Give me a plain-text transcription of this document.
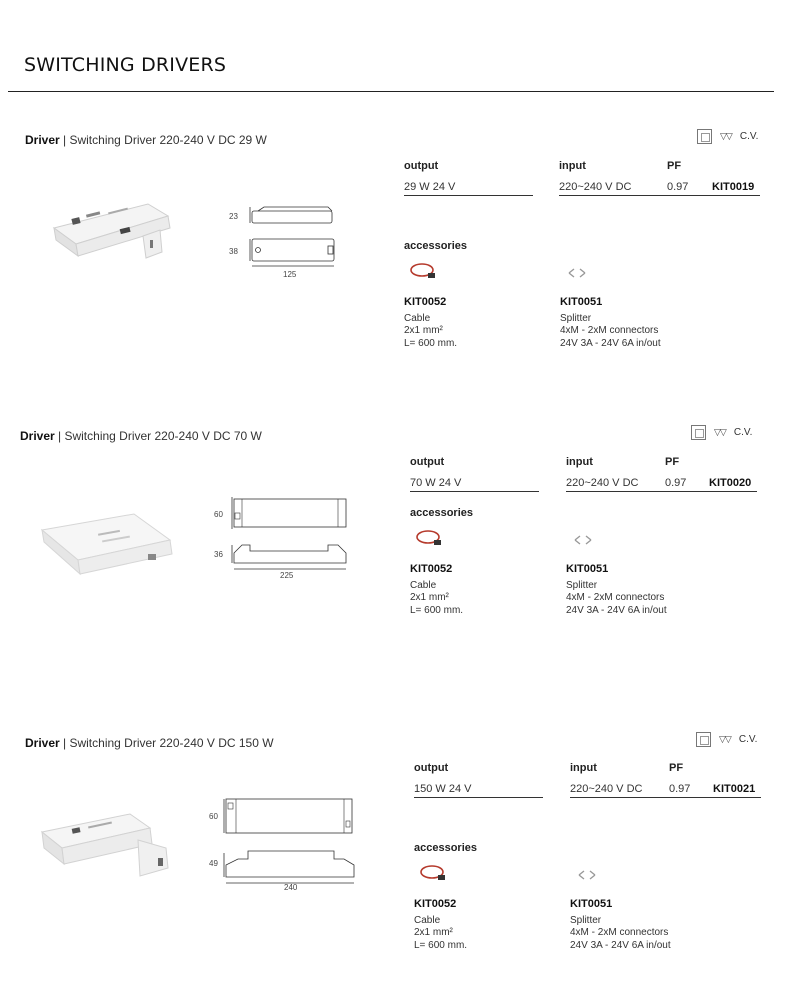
SWITCHING DRIVERS
Driver | Switching Driver 220-240 V DC 29 W	▽▽ C.V.
output	input	PF
29 W 24 V	220~240 V DC	0.97 KIT0019
23
38
125
accessories
KIT0052
Cable
2x1 mm²
L= 600 mm.
KIT0051
Splitter
4xM - 2xM connectors
24V 3A - 24V 6A in/out
Driver | Switching Driver 220-240 V DC 70 W	▽▽ C.V.
output	input	PF
70 W 24 V	220~240 V DC 0.97 KIT0020
60
36
225
accessories
KIT0052
Cable
2x1 mm²
L= 600 mm.
KIT0051
Splitter
4xM - 2xM connectors
24V 3A - 24V 6A in/out
Driver | Switching Driver 220-240 V DC 150 W	▽▽ C.V.
output	input	PF
150 W 24 V	220~240 V DC 0.97 KIT0021
60
49
240
accessories
KIT0052
Cable
2x1 mm²
L= 600 mm.
KIT0051
Splitter
4xM - 2xM connectors
24V 3A - 24V 6A in/out
